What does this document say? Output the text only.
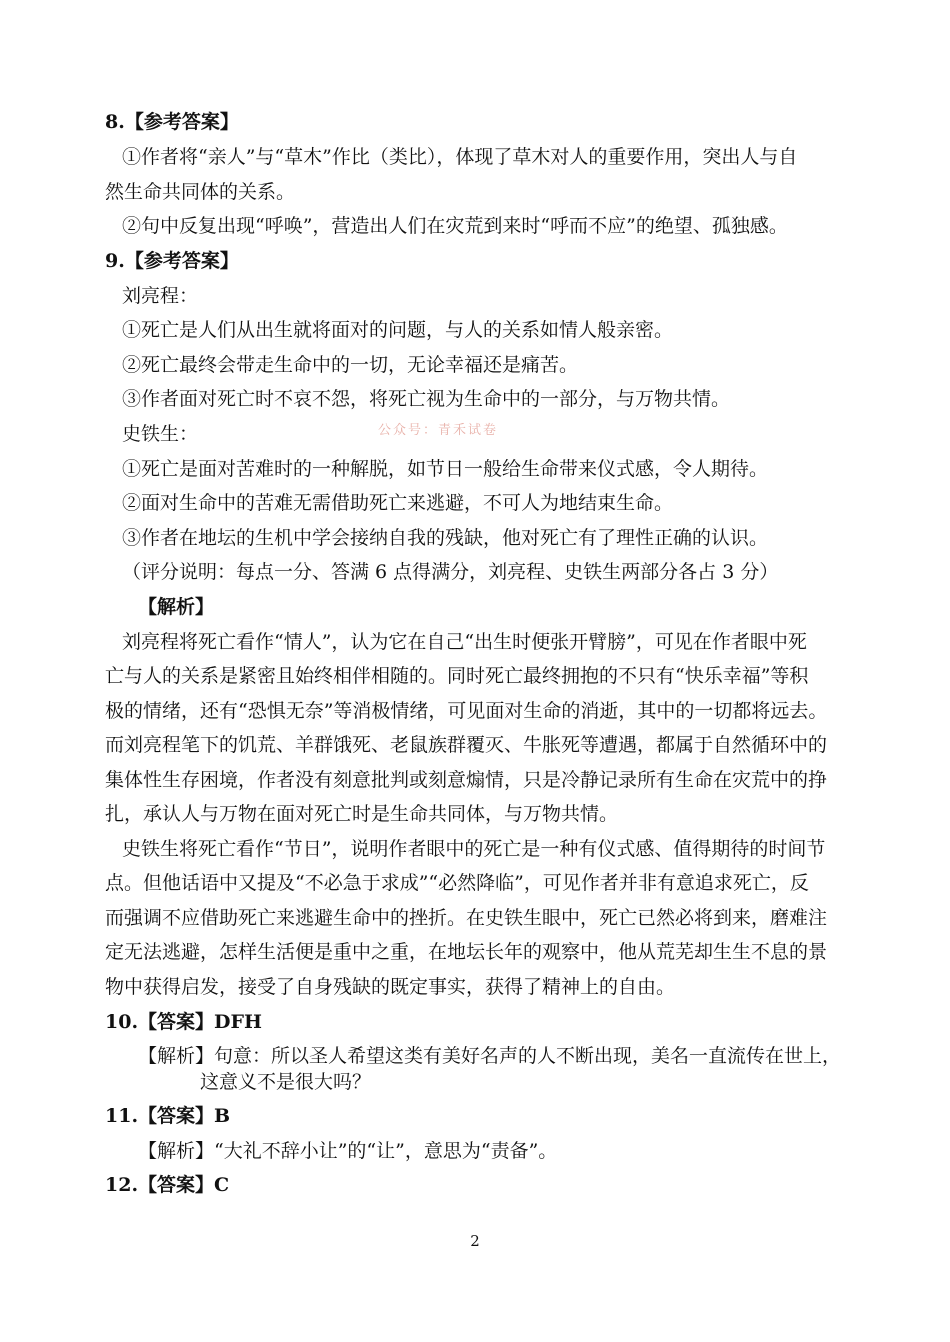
8.【参考答案】
①作者将“亲人”与“草木”作比（类比），体现了草木对人的重要作用，突出人与自
然生命共同体的关系。
②句中反复出现“呼唤”，营造出人们在灾荒到来时“呼而不应”的绝望、孤独感。
9.【参考答案】
刘亮程：
①死亡是人们从出生就将面对的问题，与人的关系如情人般亲密。
②死亡最终会带走生命中的一切，无论幸福还是痛苦。
③作者面对死亡时不哀不怨，将死亡视为生命中的一部分，与万物共情。
史铁生：	公众号：青禾试卷
①死亡是面对苦难时的一种解脱，如节日一般给生命带来仪式感，令人期待。
②面对生命中的苦难无需借助死亡来逃避，不可人为地结束生命。
③作者在地坛的生机中学会接纳自我的残缺，他对死亡有了理性正确的认识。
（评分说明：每点一分、答满 6 点得满分，刘亮程、史铁生两部分各占 3 分）
【解析】
刘亮程将死亡看作“情人”，认为它在自己“出生时便张开臂膀”，可见在作者眼中死
亡与人的关系是紧密且始终相伴相随的。同时死亡最终拥抱的不只有“快乐幸福”等积
极的情绪，还有“恐惧无奈”等消极情绪，可见面对生命的消逝，其中的一切都将远去。
而刘亮程笔下的饥荒、羊群饿死、老鼠族群覆灭、牛胀死等遭遇，都属于自然循环中的
集体性生存困境，作者没有刻意批判或刻意煽情，只是冷静记录所有生命在灾荒中的挣
扎，承认人与万物在面对死亡时是生命共同体，与万物共情。
史铁生将死亡看作“节日”，说明作者眼中的死亡是一种有仪式感、值得期待的时间节
点。但他话语中又提及“不必急于求成”“必然降临”，可见作者并非有意追求死亡，反
而强调不应借助死亡来逃避生命中的挫折。在史铁生眼中，死亡已然必将到来，磨难注
定无法逃避，怎样生活便是重中之重，在地坛长年的观察中，他从荒芜却生生不息的景
物中获得启发，接受了自身残缺的既定事实，获得了精神上的自由。
10.【答案】DFH
【解析】句意：所以圣人希望这类有美好名声的人不断出现，美名一直流传在世上，
这意义不是很大吗？
11.【答案】B
【解析】“大礼不辞小让”的“让”，意思为“责备”。
12.【答案】C
2
